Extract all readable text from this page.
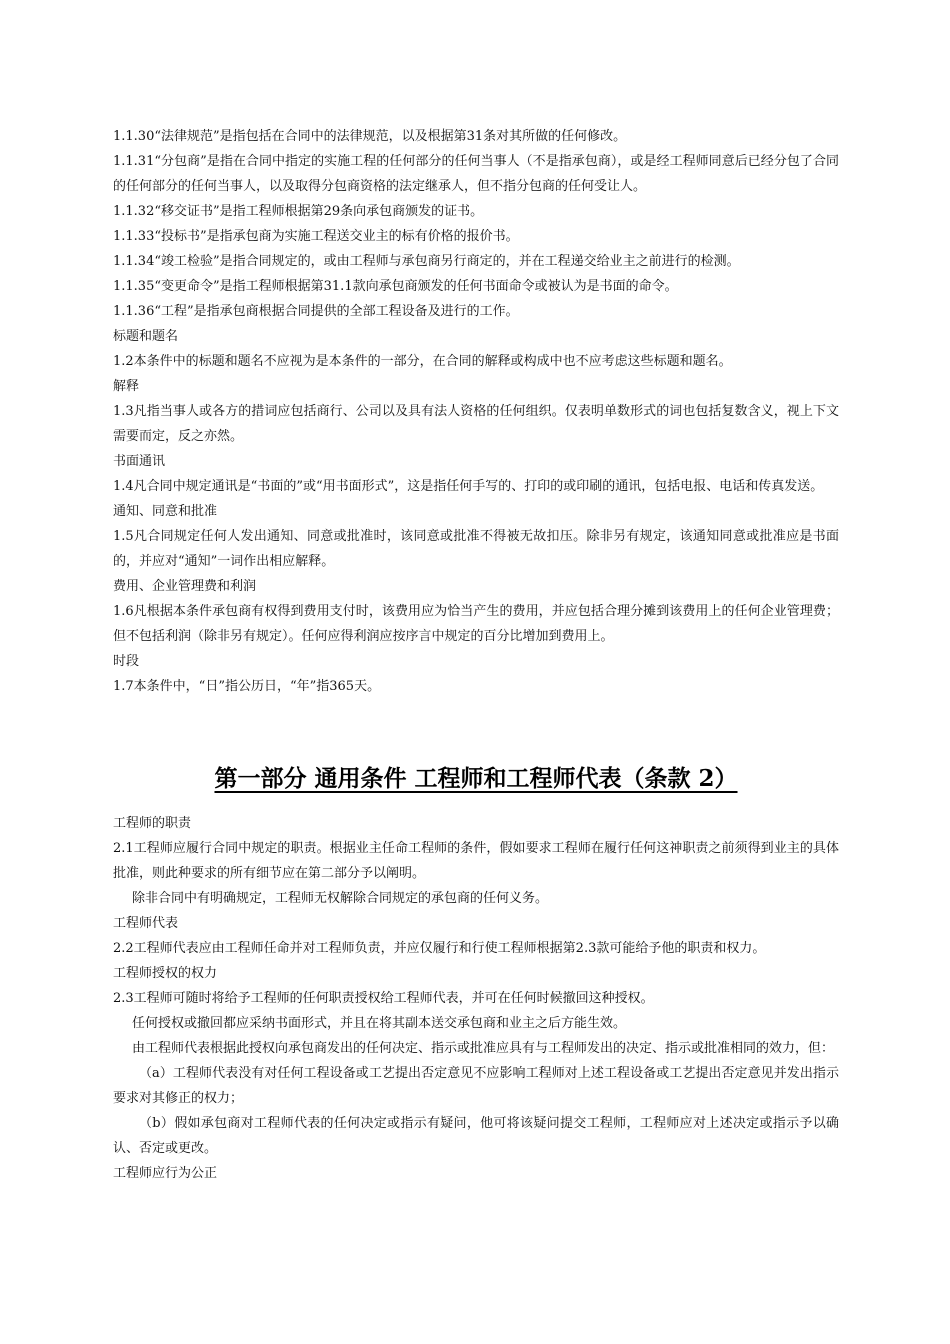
1.1.30“法律规范”是指包括在合同中的法律规范，以及根据第31条对其所做的任何修改。

1.1.31“分包商”是指在合同中指定的实施工程的任何部分的任何当事人（不是指承包商），或是经工程师同意后已经分包了合同的任何部分的任何当事人，以及取得分包商资格的法定继承人，但不指分包商的任何受让人。

1.1.32“移交证书”是指工程师根据第29条向承包商颁发的证书。

1.1.33“投标书”是指承包商为实施工程送交业主的标有价格的报价书。

1.1.34“竣工检验”是指合同规定的，或由工程师与承包商另行商定的，并在工程递交给业主之前进行的检测。

1.1.35“变更命令”是指工程师根据第31.1款向承包商颁发的任何书面命令或被认为是书面的命令。

1.1.36“工程”是指承包商根据合同提供的全部工程设备及进行的工作。

标题和题名

1.2本条件中的标题和题名不应视为是本条件的一部分，在合同的解释或构成中也不应考虑这些标题和题名。

解释

1.3凡指当事人或各方的措词应包括商行、公司以及具有法人资格的任何组织。仅表明单数形式的词也包括复数含义，视上下文需要而定，反之亦然。

书面通讯

1.4凡合同中规定通讯是“书面的”或“用书面形式”，这是指任何手写的、打印的或印刷的通讯，包括电报、电话和传真发送。

通知、同意和批准

1.5凡合同规定任何人发出通知、同意或批准时，该同意或批准不得被无故扣压。除非另有规定，该通知同意或批准应是书面的，并应对“通知”一词作出相应解释。

费用、企业管理费和利润

1.6凡根据本条件承包商有权得到费用支付时，该费用应为恰当产生的费用，并应包括合理分摊到该费用上的任何企业管理费；但不包括利润（除非另有规定）。任何应得利润应按序言中规定的百分比增加到费用上。

时段

1.7本条件中，“日”指公历日，“年”指365天。

第一部分 通用条件 工程师和工程师代表（条款 2）

工程师的职责

2.1工程师应履行合同中规定的职责。根据业主任命工程师的条件，假如要求工程师在履行任何这神职责之前须得到业主的具体批准，则此种要求的所有细节应在第二部分予以阐明。

除非合同中有明确规定，工程师无权解除合同规定的承包商的任何义务。

工程师代表

2.2工程师代表应由工程师任命并对工程师负责，并应仅履行和行使工程师根据第2.3款可能给予他的职责和权力。

工程师授权的权力

2.3工程师可随时将给予工程师的任何职责授权给工程师代表，并可在任何时候撤回这种授权。

任何授权或撤回都应采纳书面形式，并且在将其副本送交承包商和业主之后方能生效。

由工程师代表根据此授权向承包商发出的任何决定、指示或批准应具有与工程师发出的决定、指示或批准相同的效力，但：

（a）工程师代表没有对任何工程设备或工艺提出否定意见不应影响工程师对上述工程设备或工艺提出否定意见并发出指示要求对其修正的权力；

（b）假如承包商对工程师代表的任何决定或指示有疑问，他可将该疑问提交工程师，工程师应对上述决定或指示予以确认、否定或更改。

工程师应行为公正
